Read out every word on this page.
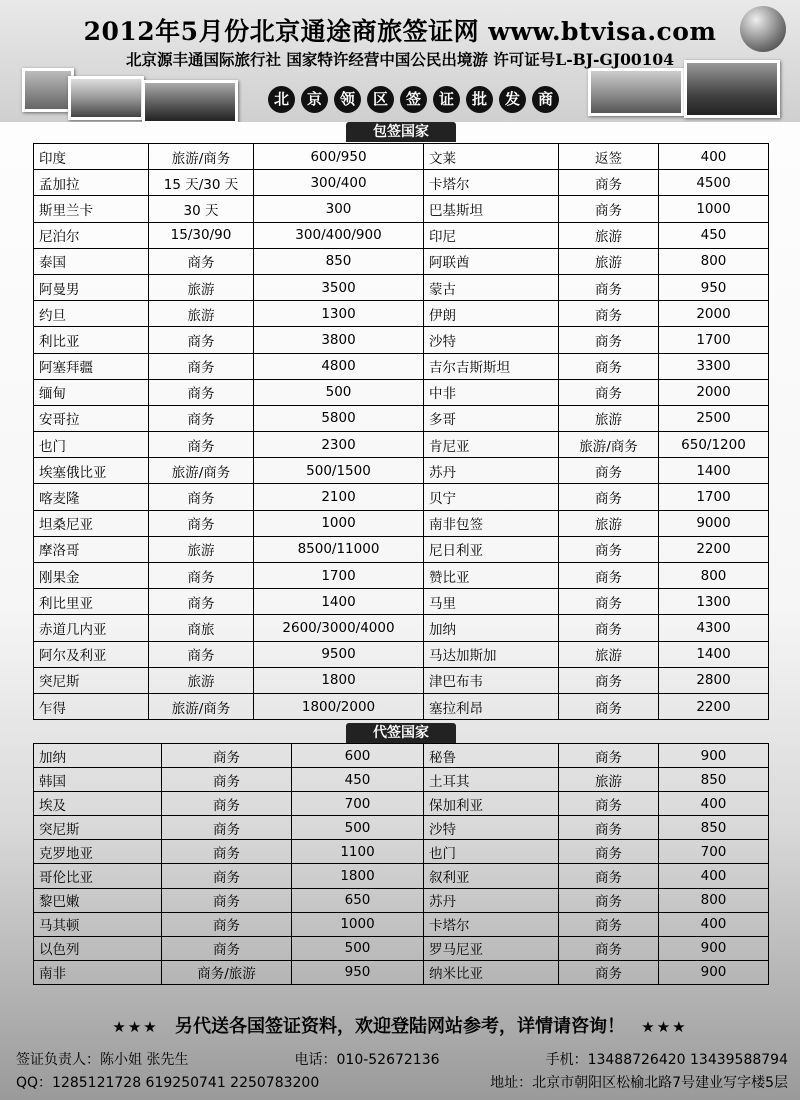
2012年5月份北京通途商旅签证网 www.btvisa.com
北京源丰通国际旅行社 国家特许经营中国公民出境游 许可证号L-BJ-GJ00104
北	京	领	区	签	证	批	发	商
包签国家
印度	旅游/商务	600/950	文莱	返签	400
孟加拉	15 天/30 天	300/400	卡塔尔	商务	4500
斯里兰卡	30 天	300	巴基斯坦	商务	1000
尼泊尔	15/30/90	300/400/900	印尼	旅游	450
泰国	商务	850	阿联酋	旅游	800
阿曼男	旅游	3500	蒙古	商务	950
约旦	旅游	1300	伊朗	商务	2000
利比亚	商务	3800	沙特	商务	1700
阿塞拜疆	商务	4800	吉尔吉斯斯坦	商务	3300
缅甸	商务	500	中非	商务	2000
安哥拉	商务	5800	多哥	旅游	2500
也门	商务	2300	肯尼亚	旅游/商务	650/1200
埃塞俄比亚	旅游/商务	500/1500	苏丹	商务	1400
喀麦隆	商务	2100	贝宁	商务	1700
坦桑尼亚	商务	1000	南非包签	旅游	9000
摩洛哥	旅游	8500/11000	尼日利亚	商务	2200
刚果金	商务	1700	赞比亚	商务	800
利比里亚	商务	1400	马里	商务	1300
赤道几内亚	商旅	2600/3000/4000	加纳	商务	4300
阿尔及利亚	商务	9500	马达加斯加	旅游	1400
突尼斯	旅游	1800	津巴布韦	商务	2800
乍得	旅游/商务	1800/2000	塞拉利昂	商务	2200
代签国家
加纳	商务	600	秘鲁	商务	900
韩国	商务	450	土耳其	旅游	850
埃及	商务	700	保加利亚	商务	400
突尼斯	商务	500	沙特	商务	850
克罗地亚	商务	1100	也门	商务	700
哥伦比亚	商务	1800	叙利亚	商务	400
黎巴嫩	商务	650	苏丹	商务	800
马其顿	商务	1000	卡塔尔	商务	400
以色列	商务	500	罗马尼亚	商务	900
南非	商务/旅游	950	纳米比亚	商务	900
★★★ 另代送各国签证资料，欢迎登陆网站参考，详情请咨询！ ★★★
签证负责人：陈小姐 张先生	电话：010-52672136	手机：13488726420 13439588794
QQ：1285121728 619250741 2250783200	地址：北京市朝阳区松榆北路7号建业写字楼5层
